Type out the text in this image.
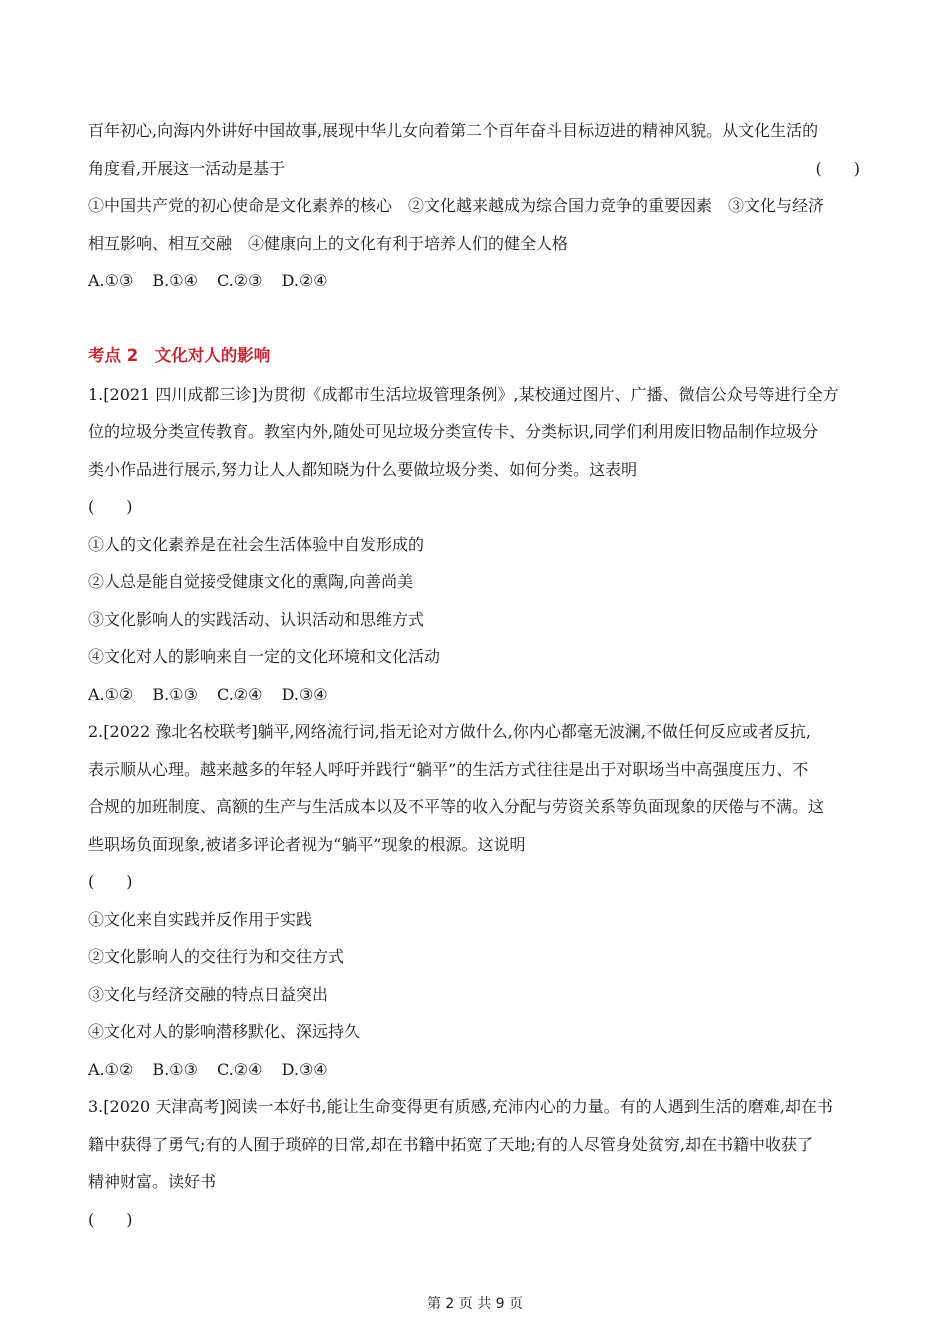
百年初心,向海内外讲好中国故事,展现中华儿女向着第二个百年奋斗目标迈进的精神风貌。从文化生活的
角度看,开展这一活动是基于	(　　)
①中国共产党的初心使命是文化素养的核心　②文化越来越成为综合国力竞争的重要因素　③文化与经济
相互影响、相互交融　④健康向上的文化有利于培养人们的健全人格
A.①③ B.①④ C.②③ D.②④
考点 2　文化对人的影响
1.[2021 四川成都三诊]为贯彻《成都市生活垃圾管理条例》,某校通过图片、广播、微信公众号等进行全方
位的垃圾分类宣传教育。教室内外,随处可见垃圾分类宣传卡、分类标识,同学们利用废旧物品制作垃圾分
类小作品进行展示,努力让人人都知晓为什么要做垃圾分类、如何分类。这表明
(　　)
①人的文化素养是在社会生活体验中自发形成的
②人总是能自觉接受健康文化的熏陶,向善尚美
③文化影响人的实践活动、认识活动和思维方式
④文化对人的影响来自一定的文化环境和文化活动
A.①② B.①③ C.②④ D.③④
2.[2022 豫北名校联考]躺平,网络流行词,指无论对方做什么,你内心都毫无波澜,不做任何反应或者反抗,
表示顺从心理。越来越多的年轻人呼吁并践行“躺平”的生活方式往往是出于对职场当中高强度压力、不
合规的加班制度、高额的生产与生活成本以及不平等的收入分配与劳资关系等负面现象的厌倦与不满。这
些职场负面现象,被诸多评论者视为“躺平”现象的根源。这说明
(　　)
①文化来自实践并反作用于实践
②文化影响人的交往行为和交往方式
③文化与经济交融的特点日益突出
④文化对人的影响潜移默化、深远持久
A.①② B.①③ C.②④ D.③④
3.[2020 天津高考]阅读一本好书,能让生命变得更有质感,充沛内心的力量。有的人遇到生活的磨难,却在书
籍中获得了勇气;有的人囿于琐碎的日常,却在书籍中拓宽了天地;有的人尽管身处贫穷,却在书籍中收获了
精神财富。读好书
(　　)
第 2 页 共 9 页
